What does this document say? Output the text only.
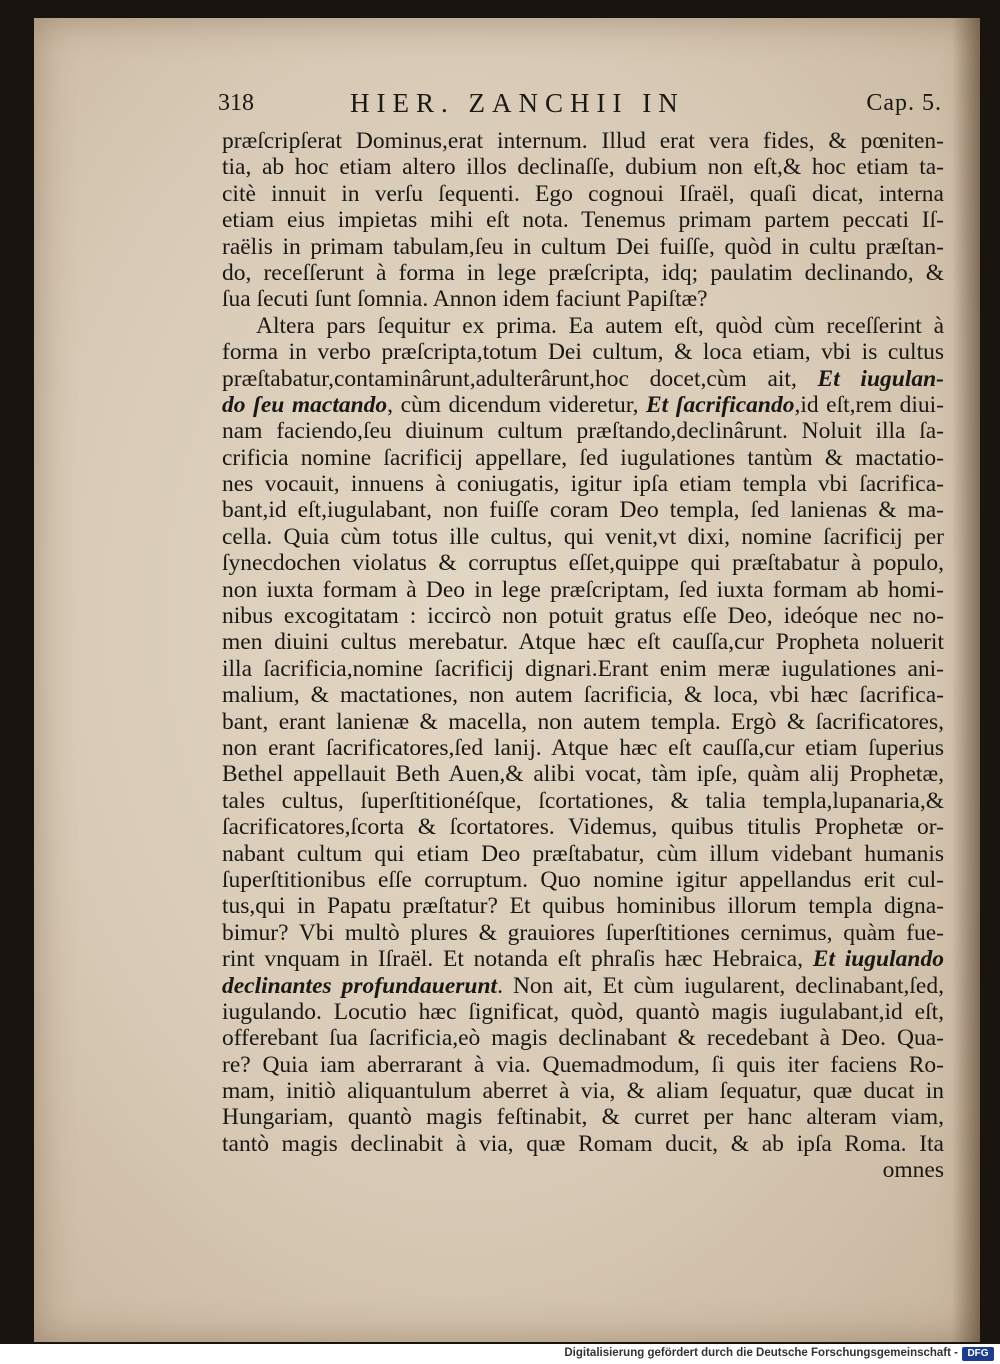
318	HIER. ZANCHII IN	Cap. 5.
præſcripſerat Dominus,erat internum. Illud erat vera fides, & pœniten-
tia, ab hoc etiam altero illos declinaſſe, dubium non eſt,& hoc etiam ta-
citè innuit in verſu ſequenti. Ego cognoui Iſraël, quaſi dicat, interna
etiam eius impietas mihi eſt nota. Tenemus primam partem peccati Iſ-
raëlis in primam tabulam,ſeu in cultum Dei fuiſſe, quòd in cultu præſtan-
do, receſſerunt à forma in lege præſcripta, idq; paulatim declinando, &
ſua ſecuti ſunt ſomnia. Annon idem faciunt Papiſtæ?
Altera pars ſequitur ex prima. Ea autem eſt, quòd cùm receſſerint à
forma in verbo præſcripta,totum Dei cultum, & loca etiam, vbi is cultus
præſtabatur,contaminârunt,adulterârunt,hoc docet,cùm ait, Et iugulan-
do ſeu mactando, cùm dicendum videretur, Et ſacrificando,id eſt,rem diui-
nam faciendo,ſeu diuinum cultum præſtando,declinârunt. Noluit illa ſa-
crificia nomine ſacrificij appellare, ſed iugulationes tantùm & mactatio-
nes vocauit, innuens à coniugatis, igitur ipſa etiam templa vbi ſacrifica-
bant,id eſt,iugulabant, non fuiſſe coram Deo templa, ſed lanienas & ma-
cella. Quia cùm totus ille cultus, qui venit,vt dixi, nomine ſacrificij per
ſynecdochen violatus & corruptus eſſet,quippe qui præſtabatur à populo,
non iuxta formam à Deo in lege præſcriptam, ſed iuxta formam ab homi-
nibus excogitatam : iccircò non potuit gratus eſſe Deo, ideóque nec no-
men diuini cultus merebatur. Atque hæc eſt cauſſa,cur Propheta noluerit
illa ſacrificia,nomine ſacrificij dignari.Erant enim meræ iugulationes ani-
malium, & mactationes, non autem ſacrificia, & loca, vbi hæc ſacrifica-
bant, erant lanienæ & macella, non autem templa. Ergò & ſacrificatores,
non erant ſacrificatores,ſed lanij. Atque hæc eſt cauſſa,cur etiam ſuperius
Bethel appellauit Beth Auen,& alibi vocat, tàm ipſe, quàm alij Prophetæ,
tales cultus, ſuperſtitionéſque, ſcortationes, & talia templa,lupanaria,&
ſacrificatores,ſcorta & ſcortatores. Videmus, quibus titulis Prophetæ or-
nabant cultum qui etiam Deo præſtabatur, cùm illum videbant humanis
ſuperſtitionibus eſſe corruptum. Quo nomine igitur appellandus erit cul-
tus,qui in Papatu præſtatur? Et quibus hominibus illorum templa digna-
bimur? Vbi multò plures & grauiores ſuperſtitiones cernimus, quàm fue-
rint vnquam in Iſraël. Et notanda eſt phraſis hæc Hebraica, Et iugulando
declinantes profundauerunt. Non ait, Et cùm iugularent, declinabant,ſed,
iugulando. Locutio hæc ſignificat, quòd, quantò magis iugulabant,id eſt,
offerebant ſua ſacrificia,eò magis declinabant & recedebant à Deo. Qua-
re? Quia iam aberrarant à via. Quemadmodum, ſi quis iter faciens Ro-
mam, initiò aliquantulum aberret à via, & aliam ſequatur, quæ ducat in
Hungariam, quantò magis feſtinabit, & curret per hanc alteram viam,
tantò magis declinabit à via, quæ Romam ducit, & ab ipſa Roma. Ita
omnes
Digitalisierung gefördert durch die Deutsche Forschungsgemeinschaft - DFG
